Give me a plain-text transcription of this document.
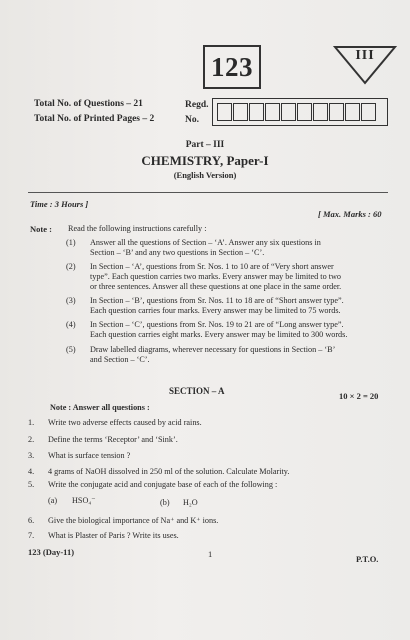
123	III
Total No. of Questions – 21
Total No. of Printed Pages – 2
Regd.
No.
Part – III
CHEMISTRY, Paper-I
(English Version)
Time : 3 Hours ]
[ Max. Marks : 60
Note : Read the following instructions carefully :
(1) Answer all the questions of Section – ‘A’. Answer any six questions in
Section – ‘B’ and any two questions in Section – ‘C’.
(2) In Section – ‘A’, questions from Sr. Nos. 1 to 10 are of “Very short answer
type”. Each question carries two marks. Every answer may be limited to two
or three sentences. Answer all these questions at one place in the same order.
(3) In Section – ‘B’, questions from Sr. Nos. 11 to 18 are of “Short answer type”.
Each question carries four marks. Every answer may be limited to 75 words.
(4) In Section – ‘C’, questions from Sr. Nos. 19 to 21 are of “Long answer type”.
Each question carries eight marks. Every answer may be limited to 300 words.
(5) Draw labelled diagrams, wherever necessary for questions in Section – ‘B’
and Section – ‘C’.
SECTION – A	10 × 2 = 20
Note : Answer all questions :
1. Write two adverse effects caused by acid rains.
2. Define the terms ‘Receptor’ and ‘Sink’.
3. What is surface tension ?
4. 4 grams of NaOH dissolved in 250 ml of the solution. Calculate Molarity.
5. Write the conjugate acid and conjugate base of each of the following :
(a) HSO₄⁻	(b) H₂O
6. Give the biological importance of Na⁺ and K⁺ ions.
7. What is Plaster of Paris ? Write its uses.
123 (Day-11)	1	P.T.O.
